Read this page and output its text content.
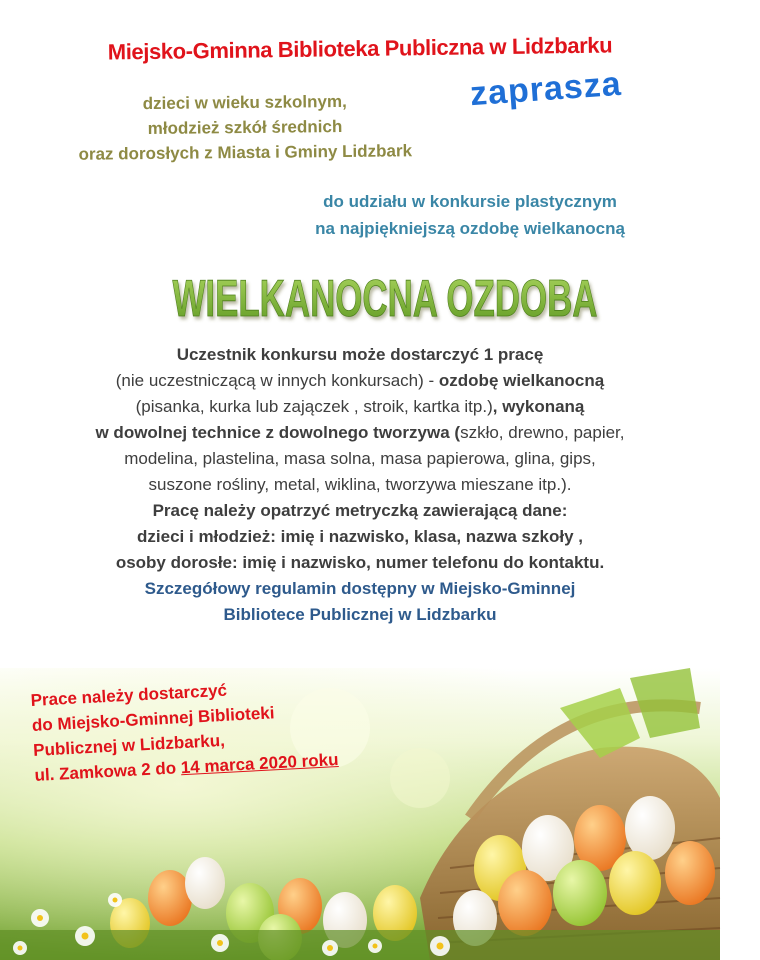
Miejsko-Gminna Biblioteka Publiczna w Lidzbarku
zaprasza
dzieci w wieku szkolnym,
młodzież szkół średnich
oraz dorosłych z Miasta i Gminy Lidzbark
do udziału w konkursie plastycznym
na najpiękniejszą ozdobę wielkanocną
WIELKANOCNA OZDOBA
Uczestnik konkursu może dostarczyć 1 pracę
(nie uczestniczącą w innych konkursach) - ozdobę wielkanocną
(pisanka, kurka lub zajączek , stroik, kartka itp.), wykonaną
w dowolnej technice z dowolnego tworzywa (szkło, drewno, papier,
modelina, plastelina, masa solna, masa papierowa, glina, gips,
suszone rośliny, metal, wiklina, tworzywa mieszane itp.).
Pracę należy opatrzyć metryczką zawierającą dane:
dzieci i młodzież: imię i nazwisko, klasa, nazwa szkoły ,
osoby dorosłe: imię i nazwisko, numer telefonu do kontaktu.
Szczegółowy regulamin dostępny w Miejsko-Gminnej
Bibliotece Publicznej w Lidzbarku
Prace należy dostarczyć
do Miejsko-Gminnej Biblioteki
Publicznej w Lidzbarku,
ul. Zamkowa 2 do 14 marca 2020 roku
